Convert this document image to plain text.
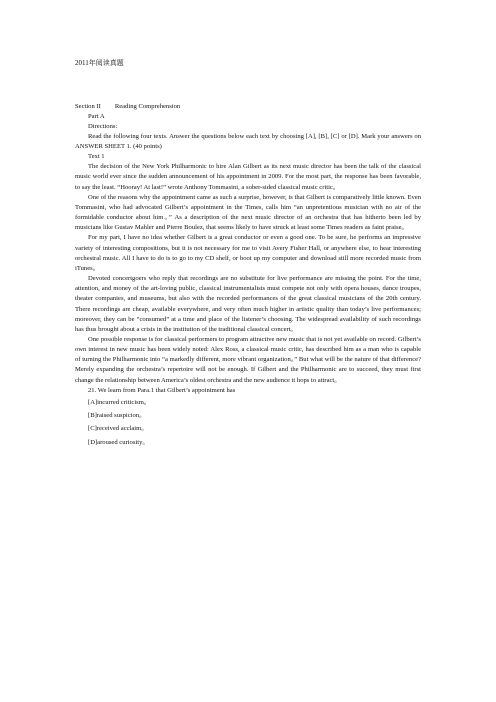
2011年阅读真题

Section II Reading Comprehension

Part A

Directions:

Read the following four texts. Answer the questions below each text by choosing [A], [B], [C] or [D]. Mark your answers on ANSWER SHEET 1. (40 points)

Text 1

The decision of the New York Philharmonic to hire Alan Gilbert as its next music director has been the talk of the classical music world ever since the sudden announcement of his appointment in 2009. For the most part, the response has been favorable, to say the least. “Hooray! At last!” wrote Anthony Tommasini, a sober-sided classical music critic。

One of the reasons why the appointment came as such a surprise, however, is that Gilbert is comparatively little known. Even Tommasini, who had advocated Gilbert’s appointment in the Times, calls him “an unpretentious musician with no air of the formidable conductor about him。” As a description of the next music director of an orchestra that has hitherto been led by musicians like Gustav Mahler and Pierre Boulez, that seems likely to have struck at least some Times readers as faint praise。

For my part, I have no idea whether Gilbert is a great conductor or even a good one. To be sure, he performs an impressive variety of interesting compositions, but it is not necessary for me to visit Avery Fisher Hall, or anywhere else, to hear interesting orchestral music. All I have to do is to go to my CD shelf, or boot up my computer and download still more recorded music from iTunes。

Devoted concertgoers who reply that recordings are no substitute for live performance are missing the point. For the time, attention, and money of the art-loving public, classical instrumentalists must compete not only with opera houses, dance troupes, theater companies, and museums, but also with the recorded performances of the great classical musicians of the 20th century. There recordings are cheap, available everywhere, and very often much higher in artistic quality than today’s live performances; moreover, they can be “consumed” at a time and place of the listener’s choosing. The widespread availability of such recordings has thus brought about a crisis in the institution of the traditional classical concert。

One possible response is for classical performers to program attractive new music that is not yet available on record. Gilbert’s own interest in new music has been widely noted: Alex Ross, a classical music critic, has described him as a man who is capable of turning the Philharmonic into “a markedly different, more vibrant organization。” But what will be the nature of that difference? Merely expanding the orchestra’s repertoire will not be enough. If Gilbert and the Philharmonic are to succeed, they must first change the relationship between America’s oldest orchestra and the new audience it hops to attract。

21. We learn from Para.1 that Gilbert’s appointment has

[A]incurred criticism。

[B]raised suspicion。

[C]received acclaim。

[D]aroused curiosity。
